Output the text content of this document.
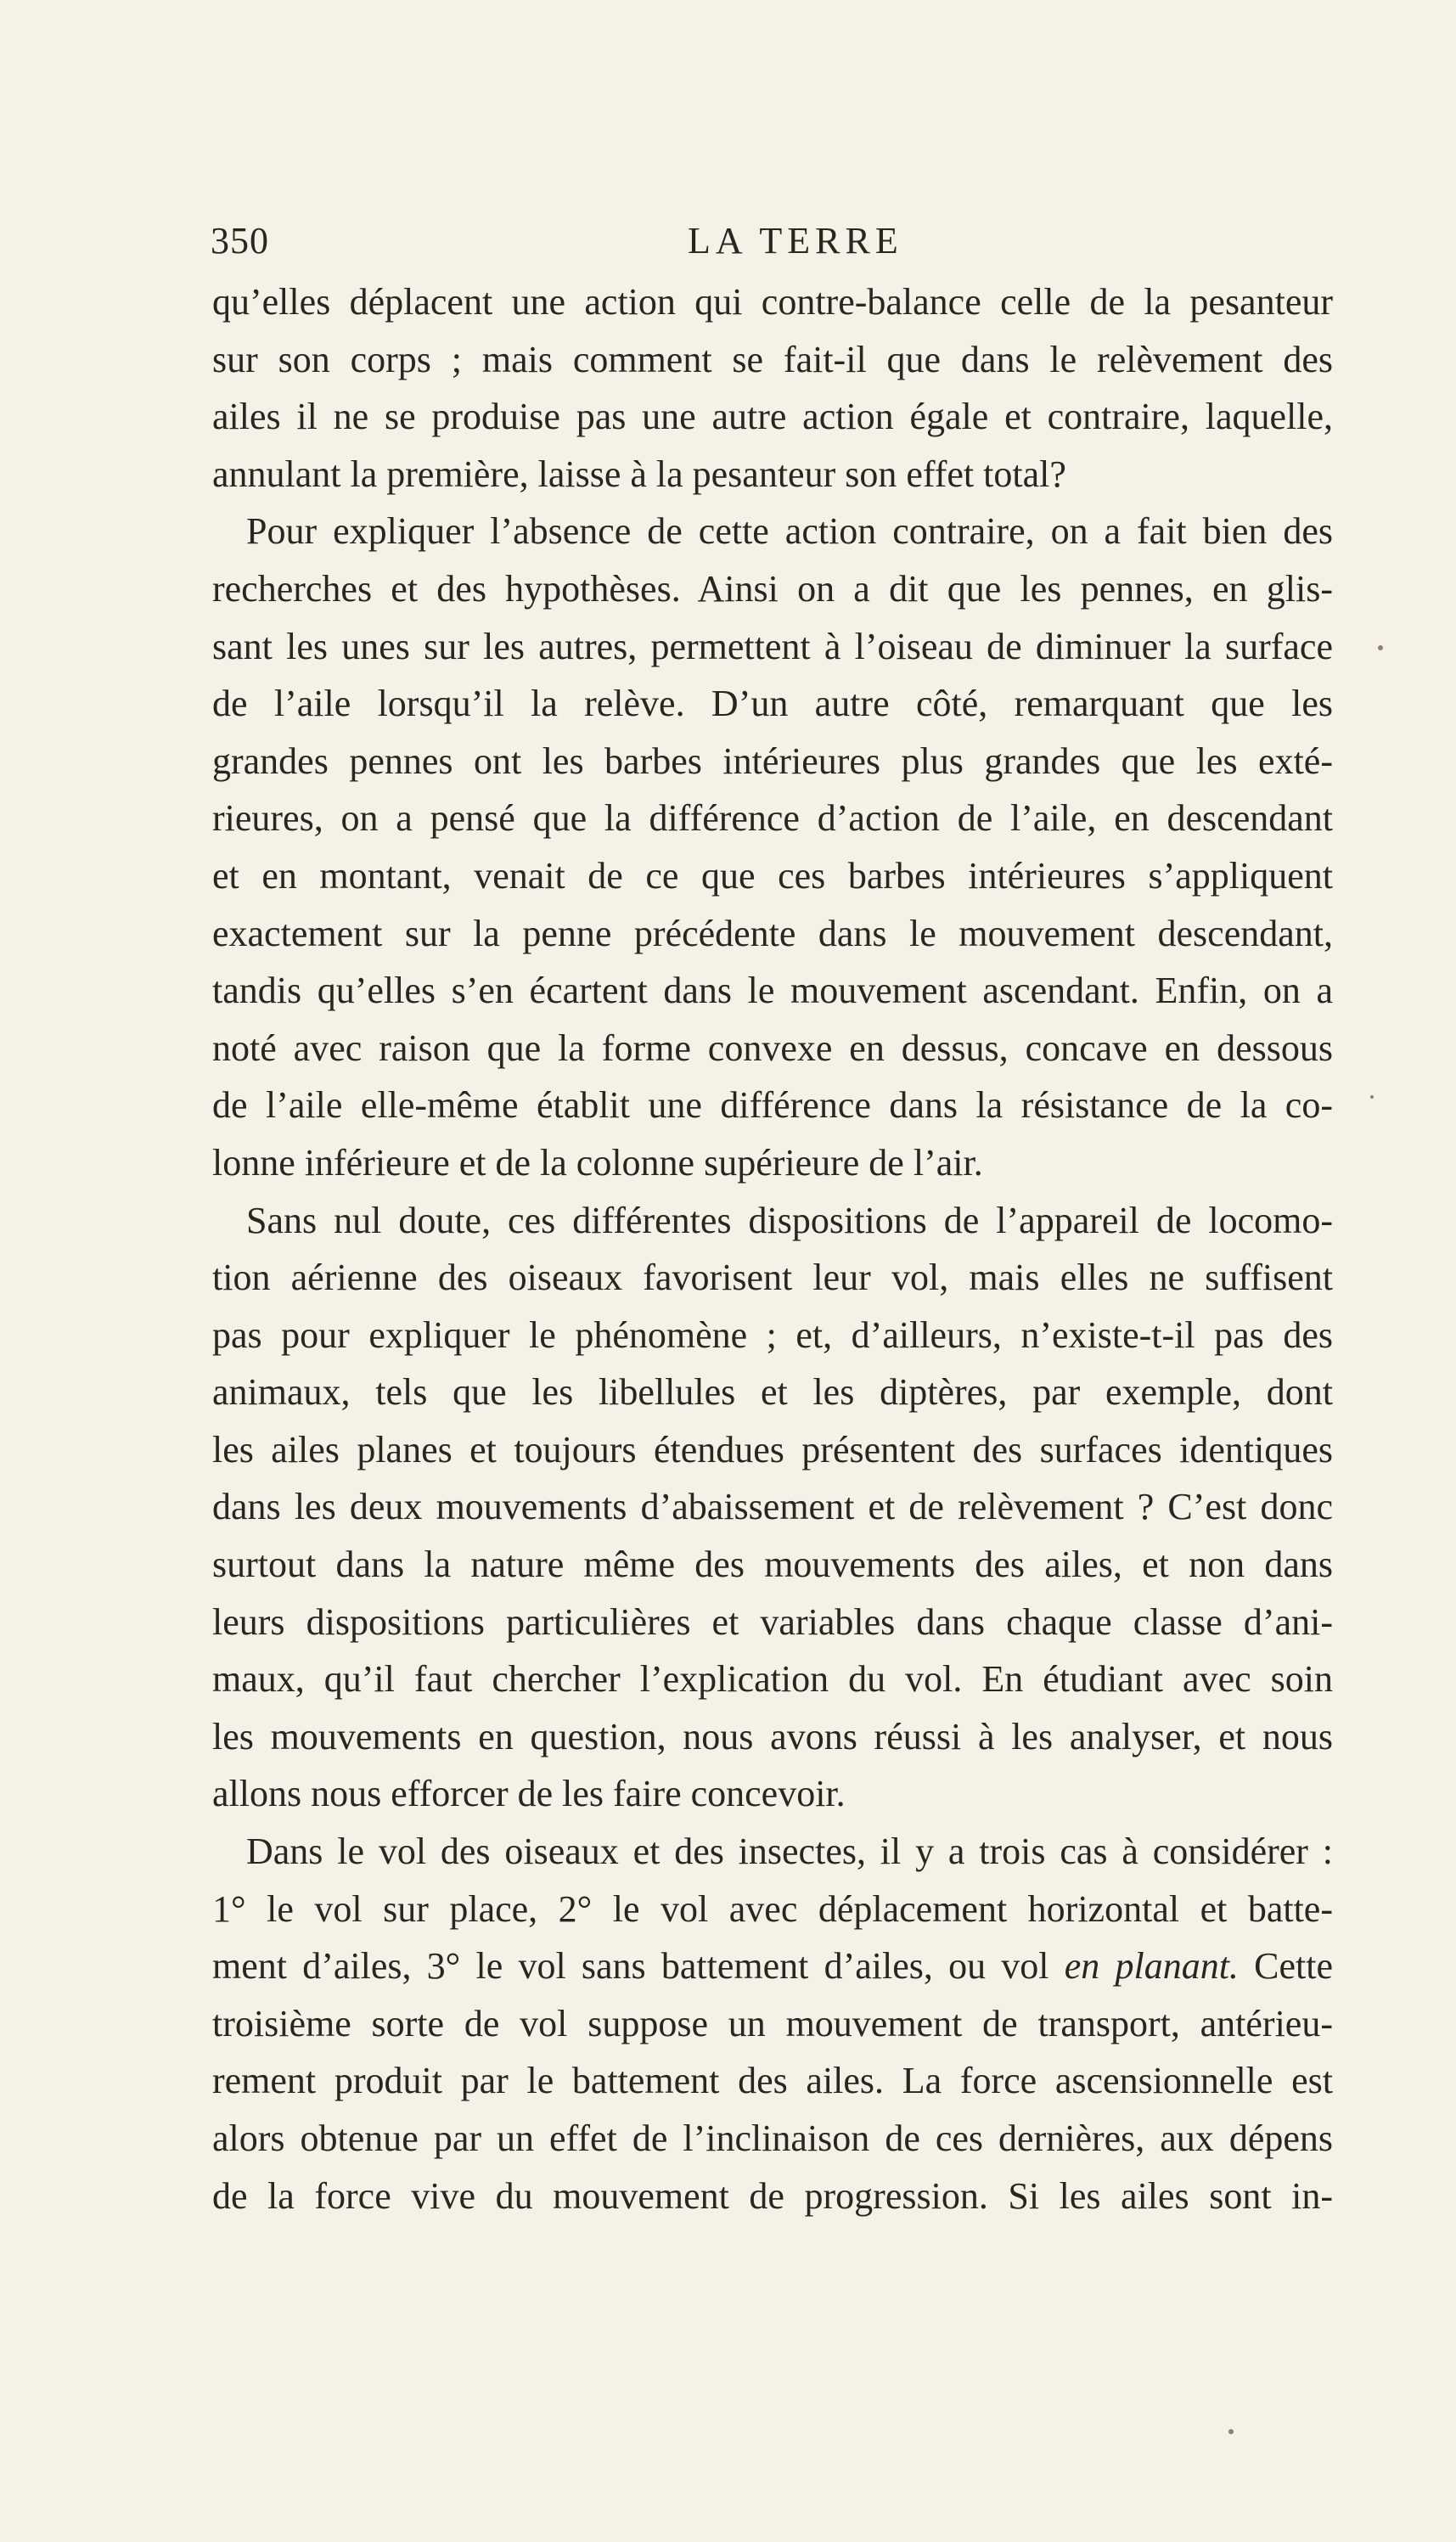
350	LA TERRE
qu’elles déplacent une action qui contre-balance celle de la pesanteur
sur son corps ; mais comment se fait-il que dans le relèvement des
ailes il ne se produise pas une autre action égale et contraire, laquelle,
annulant la première, laisse à la pesanteur son effet total?
Pour expliquer l’absence de cette action contraire, on a fait bien des
recherches et des hypothèses. Ainsi on a dit que les pennes, en glis-
sant les unes sur les autres, permettent à l’oiseau de diminuer la surface
de l’aile lorsqu’il la relève. D’un autre côté, remarquant que les
grandes pennes ont les barbes intérieures plus grandes que les exté-
rieures, on a pensé que la différence d’action de l’aile, en descendant
et en montant, venait de ce que ces barbes intérieures s’appliquent
exactement sur la penne précédente dans le mouvement descendant,
tandis qu’elles s’en écartent dans le mouvement ascendant. Enfin, on a
noté avec raison que la forme convexe en dessus, concave en dessous
de l’aile elle-même établit une différence dans la résistance de la co-
lonne inférieure et de la colonne supérieure de l’air.
Sans nul doute, ces différentes dispositions de l’appareil de locomo-
tion aérienne des oiseaux favorisent leur vol, mais elles ne suffisent
pas pour expliquer le phénomène ; et, d’ailleurs, n’existe-t-il pas des
animaux, tels que les libellules et les diptères, par exemple, dont
les ailes planes et toujours étendues présentent des surfaces identiques
dans les deux mouvements d’abaissement et de relèvement ? C’est donc
surtout dans la nature même des mouvements des ailes, et non dans
leurs dispositions particulières et variables dans chaque classe d’ani-
maux, qu’il faut chercher l’explication du vol. En étudiant avec soin
les mouvements en question, nous avons réussi à les analyser, et nous
allons nous efforcer de les faire concevoir.
Dans le vol des oiseaux et des insectes, il y a trois cas à considérer :
1° le vol sur place, 2° le vol avec déplacement horizontal et batte-
ment d’ailes, 3° le vol sans battement d’ailes, ou vol en planant. Cette
troisième sorte de vol suppose un mouvement de transport, antérieu-
rement produit par le battement des ailes. La force ascensionnelle est
alors obtenue par un effet de l’inclinaison de ces dernières, aux dépens
de la force vive du mouvement de progression. Si les ailes sont in-
